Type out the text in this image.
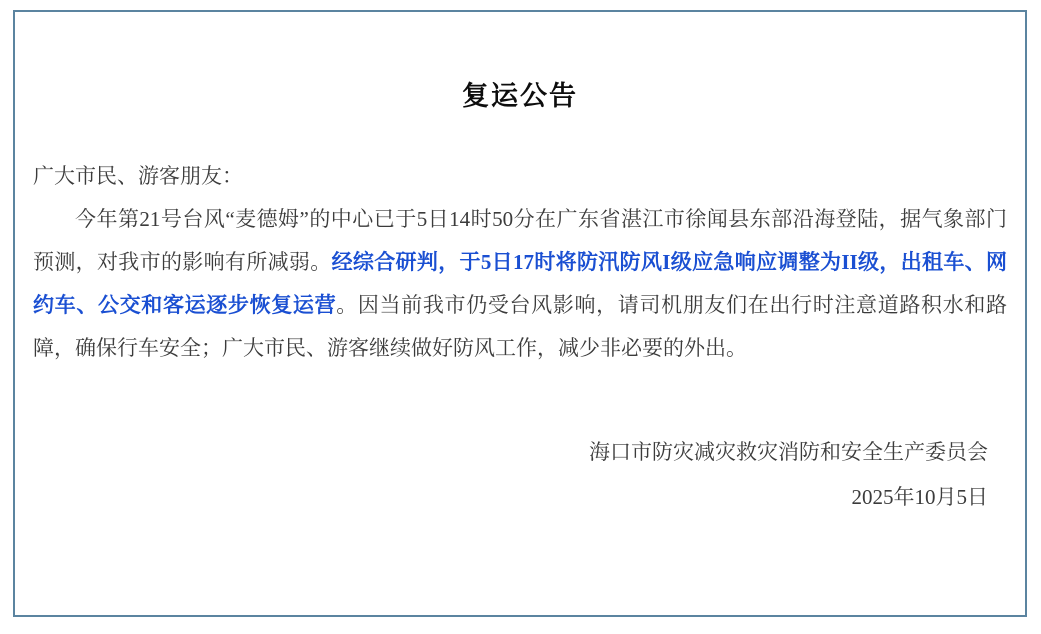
复运公告

广大市民、游客朋友：

今年第21号台风“麦德姆”的中心已于5日14时50分在广东省湛江市徐闻县东部沿海登陆，据气象部门预测，对我市的影响有所减弱。经综合研判，于5日17时将防汛防风I级应急响应调整为II级，出租车、网约车、公交和客运逐步恢复运营。因当前我市仍受台风影响，请司机朋友们在出行时注意道路积水和路障，确保行车安全；广大市民、游客继续做好防风工作，减少非必要的外出。

海口市防灾减灾救灾消防和安全生产委员会

2025年10月5日
